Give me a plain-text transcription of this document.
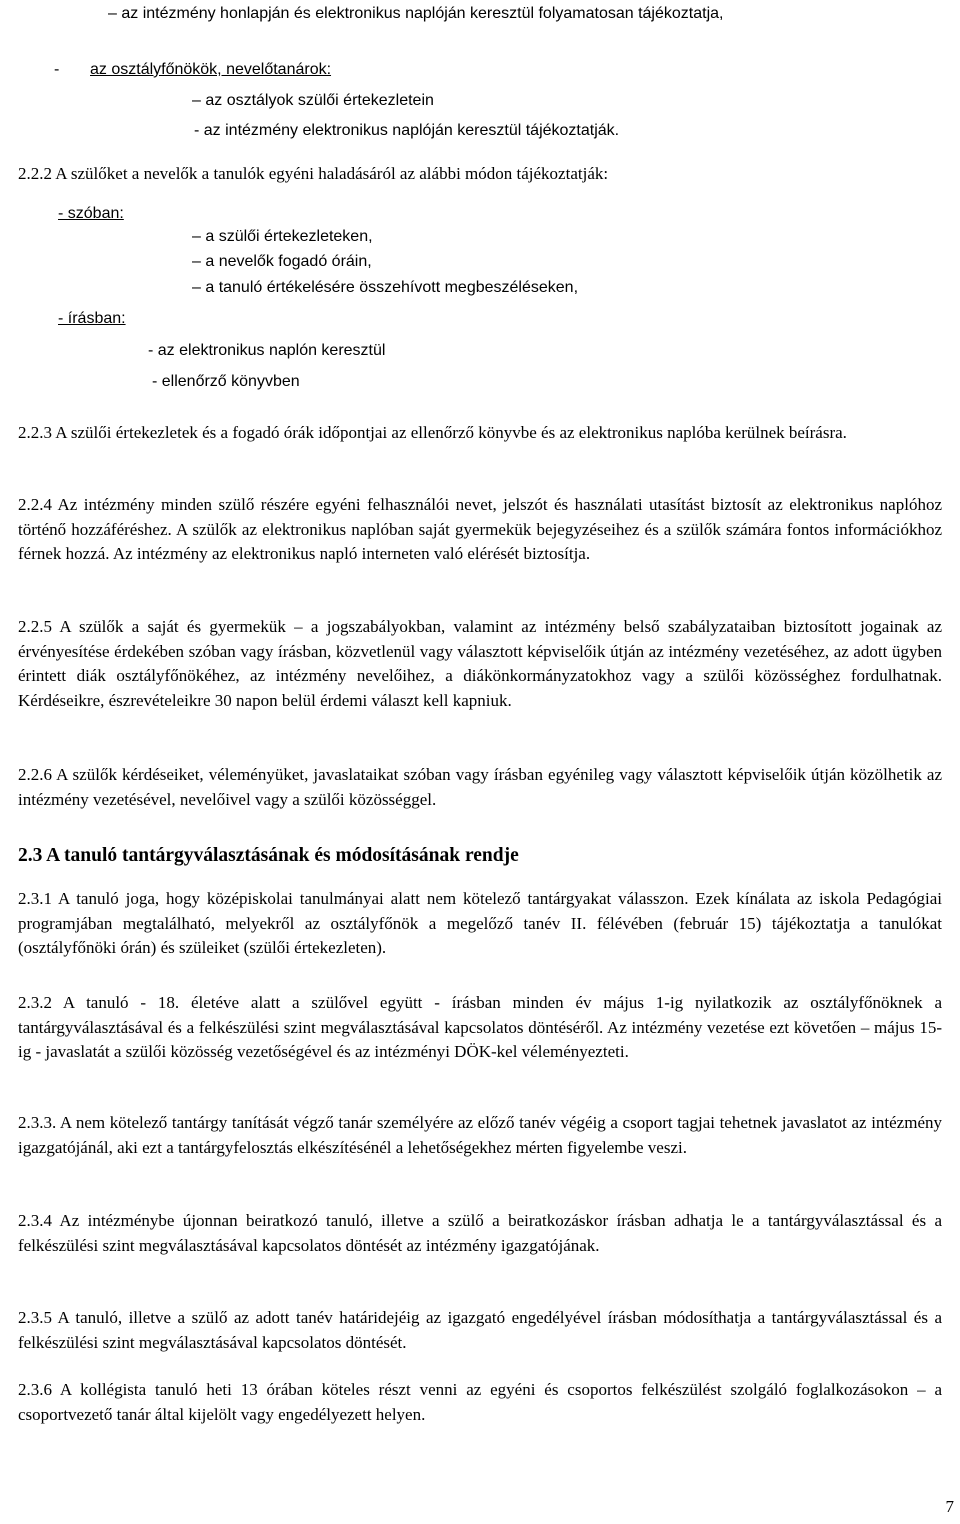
– az intézmény honlapján és elektronikus naplóján keresztül folyamatosan tájékoztatja,
- az osztályfőnökök, nevelőtanárok:
– az osztályok szülői értekezletein
- az intézmény elektronikus naplóján keresztül tájékoztatják.
2.2.2 A szülőket a nevelők a tanulók egyéni haladásáról az alábbi módon tájékoztatják:
- szóban:
– a szülői értekezleteken,
– a nevelők fogadó óráin,
– a tanuló értékelésére összehívott megbeszéléseken,
- írásban:
- az elektronikus naplón keresztül
- ellenőrző könyvben
2.2.3 A szülői értekezletek és a fogadó órák időpontjai az ellenőrző könyvbe és az elektronikus naplóba kerülnek beírásra.
2.2.4 Az intézmény minden szülő részére egyéni felhasználói nevet, jelszót és használati utasítást biztosít az elektronikus naplóhoz történő hozzáféréshez. A szülők az elektronikus naplóban saját gyermekük bejegyzéseihez és a szülők számára fontos információkhoz férnek hozzá. Az intézmény az elektronikus napló interneten való elérését biztosítja.
2.2.5 A szülők a saját és gyermekük – a jogszabályokban, valamint az intézmény belső szabályzataiban biztosított jogainak az érvényesítése érdekében szóban vagy írásban, közvetlenül vagy választott képviselőik útján az intézmény vezetéséhez, az adott ügyben érintett diák osztályfőnökéhez, az intézmény nevelőihez, a diákönkormányzatokhoz vagy a szülői közösséghez fordulhatnak. Kérdéseikre, észrevételeikre 30 napon belül érdemi választ kell kapniuk.
2.2.6 A szülők kérdéseiket, véleményüket, javaslataikat szóban vagy írásban egyénileg vagy választott képviselőik útján közölhetik az intézmény vezetésével, nevelőivel vagy a szülői közösséggel.
2.3 A tanuló tantárgyválasztásának és módosításának rendje
2.3.1 A tanuló joga, hogy középiskolai tanulmányai alatt nem kötelező tantárgyakat válasszon. Ezek kínálata az iskola Pedagógiai programjában megtalálható, melyekről az osztályfőnök a megelőző tanév II. félévében (február 15) tájékoztatja a tanulókat (osztályfőnöki órán) és szüleiket (szülői értekezleten).
2.3.2 A tanuló - 18. életéve alatt a szülővel együtt - írásban minden év május 1-ig nyilatkozik az osztályfőnöknek a tantárgyválasztásával és a felkészülési szint megválasztásával kapcsolatos döntéséről. Az intézmény vezetése ezt követően – május 15-ig - javaslatát a szülői közösség vezetőségével és az intézményi DÖK-kel véleményezteti.
2.3.3. A nem kötelező tantárgy tanítását végző tanár személyére az előző tanév végéig a csoport tagjai tehetnek javaslatot az intézmény igazgatójánál, aki ezt a tantárgyfelosztás elkészítésénél a lehetőségekhez mérten figyelembe veszi.
2.3.4 Az intézménybe újonnan beiratkozó tanuló, illetve a szülő a beiratkozáskor írásban adhatja le a tantárgyválasztással és a felkészülési szint megválasztásával kapcsolatos döntését az intézmény igazgatójának.
2.3.5 A tanuló, illetve a szülő az adott tanév határidejéig az igazgató engedélyével írásban módosíthatja a tantárgyválasztással és a felkészülési szint megválasztásával kapcsolatos döntését.
2.3.6 A kollégista tanuló heti 13 órában köteles részt venni az egyéni és csoportos felkészülést szolgáló foglalkozásokon – a csoportvezető tanár által kijelölt vagy engedélyezett helyen.
7
